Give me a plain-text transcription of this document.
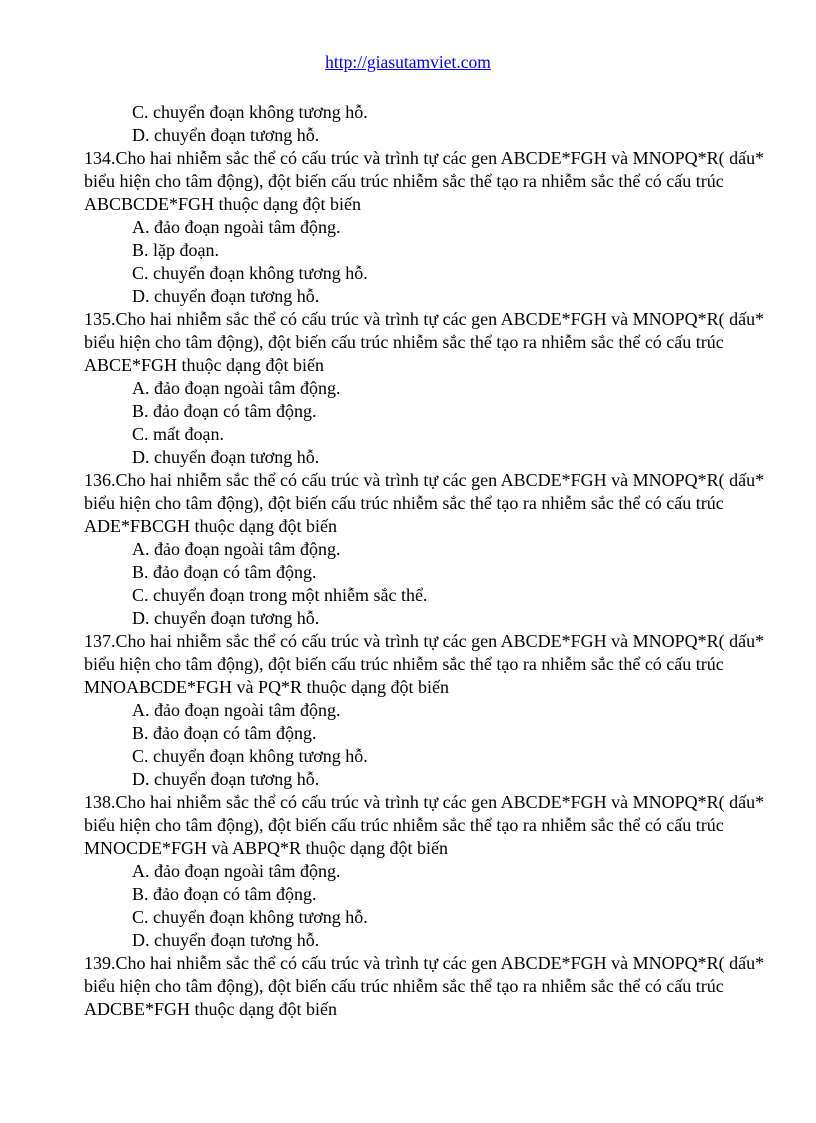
http://giasutamviet.com
C. chuyển đoạn không tương hỗ.
D. chuyển đoạn tương hỗ.
134.Cho hai nhiễm sắc thể có cấu trúc và trình tự các gen ABCDE*FGH và MNOPQ*R( dấu*
biểu hiện cho tâm động), đột biến cấu trúc nhiễm sắc thể tạo ra nhiễm sắc thể có cấu trúc
ABCBCDE*FGH thuộc dạng đột biến
A. đảo đoạn ngoài tâm động.
B. lặp đoạn.
C. chuyển đoạn không tương hỗ.
D. chuyển đoạn tương hỗ.
135.Cho hai nhiễm sắc thể có cấu trúc và trình tự các gen ABCDE*FGH và MNOPQ*R( dấu*
biểu hiện cho tâm động), đột biến cấu trúc nhiễm sắc thể tạo ra nhiễm sắc thể có cấu trúc
ABCE*FGH thuộc dạng đột biến
A. đảo đoạn ngoài tâm động.
B. đảo đoạn có tâm động.
C. mất đoạn.
D. chuyển đoạn tương hỗ.
136.Cho hai nhiễm sắc thể có cấu trúc và trình tự các gen ABCDE*FGH và MNOPQ*R( dấu*
biểu hiện cho tâm động), đột biến cấu trúc nhiễm sắc thể tạo ra nhiễm sắc thể có cấu trúc
ADE*FBCGH thuộc dạng đột biến
A. đảo đoạn ngoài tâm động.
B. đảo đoạn có tâm động.
C. chuyển đoạn trong một nhiễm sắc thể.
D. chuyển đoạn tương hỗ.
137.Cho hai nhiễm sắc thể có cấu trúc và trình tự các gen ABCDE*FGH và MNOPQ*R( dấu*
biểu hiện cho tâm động), đột biến cấu trúc nhiễm sắc thể tạo ra nhiễm sắc thể có cấu trúc
MNOABCDE*FGH và PQ*R thuộc dạng đột biến
A. đảo đoạn ngoài tâm động.
B. đảo đoạn có tâm động.
C. chuyển đoạn không tương hỗ.
D. chuyển đoạn tương hỗ.
138.Cho hai nhiễm sắc thể có cấu trúc và trình tự các gen ABCDE*FGH và MNOPQ*R( dấu*
biểu hiện cho tâm động), đột biến cấu trúc nhiễm sắc thể tạo ra nhiễm sắc thể có cấu trúc
MNOCDE*FGH và ABPQ*R thuộc dạng đột biến
A. đảo đoạn ngoài tâm động.
B. đảo đoạn có tâm động.
C. chuyển đoạn không tương hỗ.
D. chuyển đoạn tương hỗ.
139.Cho hai nhiễm sắc thể có cấu trúc và trình tự các gen ABCDE*FGH và MNOPQ*R( dấu*
biểu hiện cho tâm động), đột biến cấu trúc nhiễm sắc thể tạo ra nhiễm sắc thể có cấu trúc
ADCBE*FGH thuộc dạng đột biến
